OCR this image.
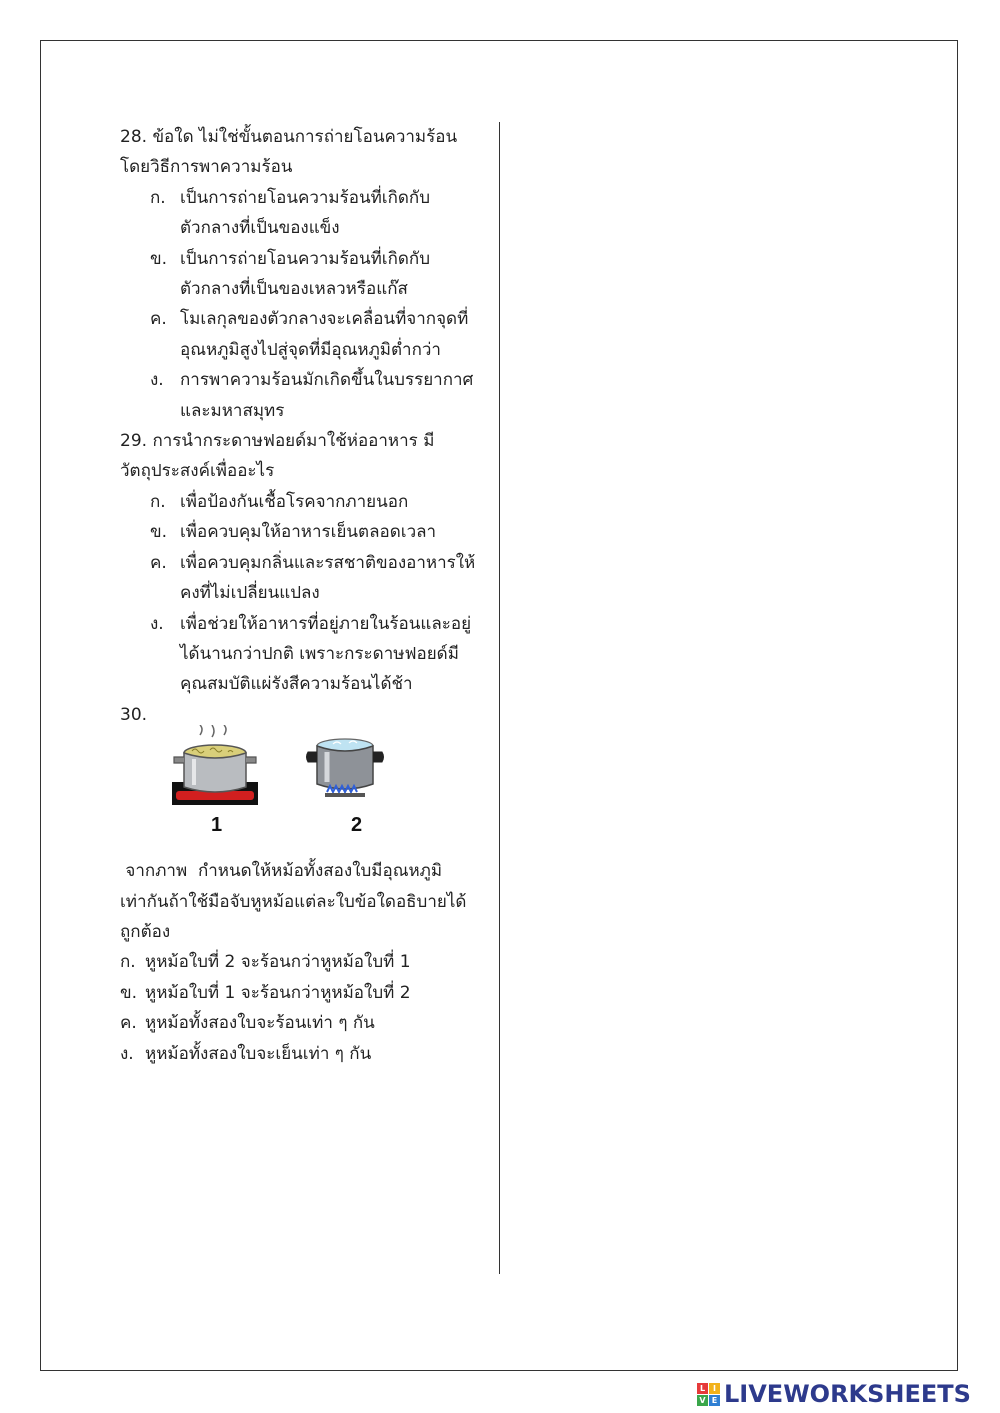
28. ข้อใด ไม่ใช่ขั้นตอนการถ่ายโอนความร้อน
โดยวิธีการพาความร้อน
ก. เป็นการถ่ายโอนความร้อนที่เกิดกับ
ตัวกลางที่เป็นของแข็ง
ข. เป็นการถ่ายโอนความร้อนที่เกิดกับ
ตัวกลางที่เป็นของเหลวหรือแก๊ส
ค. โมเลกุลของตัวกลางจะเคลื่อนที่จากจุดที่
อุณหภูมิสูงไปสู่จุดที่มีอุณหภูมิต่ำกว่า
ง. การพาความร้อนมักเกิดขึ้นในบรรยากาศ
และมหาสมุทร
29. การนำกระดาษฟอยด์มาใช้ห่ออาหาร มี
วัตถุประสงค์เพื่ออะไร
ก. เพื่อป้องกันเชื้อโรคจากภายนอก
ข. เพื่อควบคุมให้อาหารเย็นตลอดเวลา
ค. เพื่อควบคุมกลิ่นและรสชาติของอาหารให้
คงที่ไม่เปลี่ยนแปลง
ง. เพื่อช่วยให้อาหารที่อยู่ภายในร้อนและอยู่
ได้นานกว่าปกติ เพราะกระดาษฟอยด์มี
คุณสมบัติแผ่รังสีความร้อนได้ช้า
30.
1	2
จากภาพ  กำหนดให้หม้อทั้งสองใบมีอุณหภูมิ
เท่ากันถ้าใช้มือจับหูหม้อแต่ละใบข้อใดอธิบายได้
ถูกต้อง
ก. หูหม้อใบที่ 2 จะร้อนกว่าหูหม้อใบที่ 1
ข. หูหม้อใบที่ 1 จะร้อนกว่าหูหม้อใบที่ 2
ค. หูหม้อทั้งสองใบจะร้อนเท่า ๆ กัน
ง. หูหม้อทั้งสองใบจะเย็นเท่า ๆ กัน
L I
V E LIVEWORKSHEETS
